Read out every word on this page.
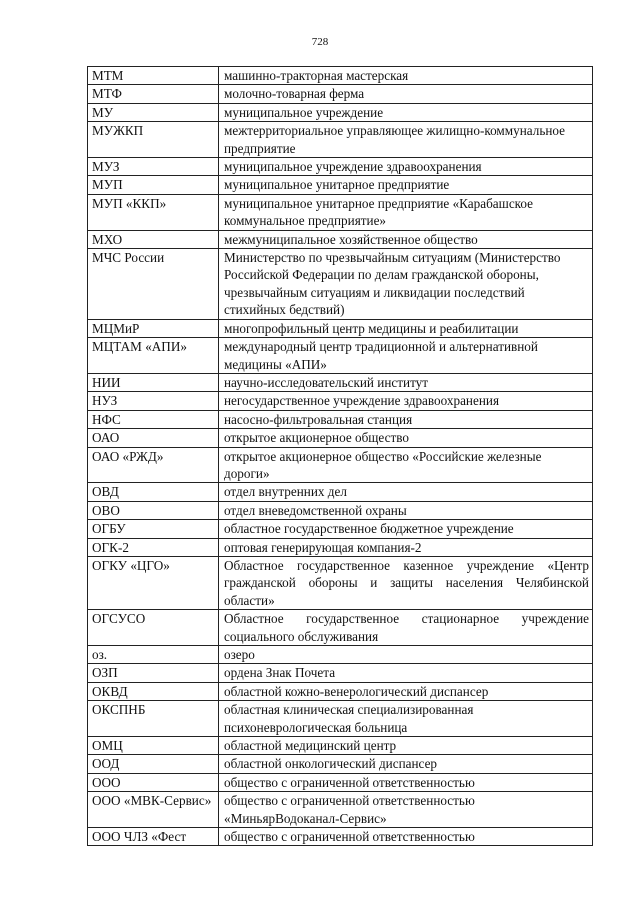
728
МТМ	машинно-тракторная мастерская
МТФ	молочно-товарная ферма
МУ	муниципальное учреждение
МУЖКП	межтерриториальное управляющее жилищно-коммунальное предприятие
МУЗ	муниципальное учреждение здравоохранения
МУП	муниципальное унитарное предприятие
МУП «ККП»	муниципальное унитарное предприятие «Карабашское коммунальное предприятие»
МХО	межмуниципальное хозяйственное общество
МЧС России	Министерство по чрезвычайным ситуациям (Министерство Российской Федерации по делам гражданской обороны, чрезвычайным ситуациям и ликвидации последствий стихийных бедствий)
МЦМиР	многопрофильный центр медицины и реабилитации
МЦТАМ «АПИ»	международный центр традиционной и альтернативной медицины «АПИ»
НИИ	научно-исследовательский институт
НУЗ	негосударственное учреждение здравоохранения
НФС	насосно-фильтровальная станция
ОАО	открытое акционерное общество
ОАО «РЖД»	открытое акционерное общество «Российские железные дороги»
ОВД	отдел внутренних дел
ОВО	отдел вневедомственной охраны
ОГБУ	областное государственное бюджетное учреждение
ОГК-2	оптовая генерирующая компания-2
ОГКУ «ЦГО»	Областное государственное казенное учреждение «Центр гражданской обороны и защиты населения Челябинской области»
ОГСУСО	Областное государственное стационарное учреждение социального обслуживания
оз.	озеро
ОЗП	ордена Знак Почета
ОКВД	областной кожно-венерологический диспансер
ОКСПНБ	областная клиническая специализированная психоневрологическая больница
ОМЦ	областной медицинский центр
ООД	областной онкологический диспансер
ООО	общество с ограниченной ответственностью
ООО «МВК-Сервис»	общество с ограниченной ответственностью «МиньярВодоканал-Сервис»
ООО ЧЛЗ «Фест	общество с ограниченной ответственностью
